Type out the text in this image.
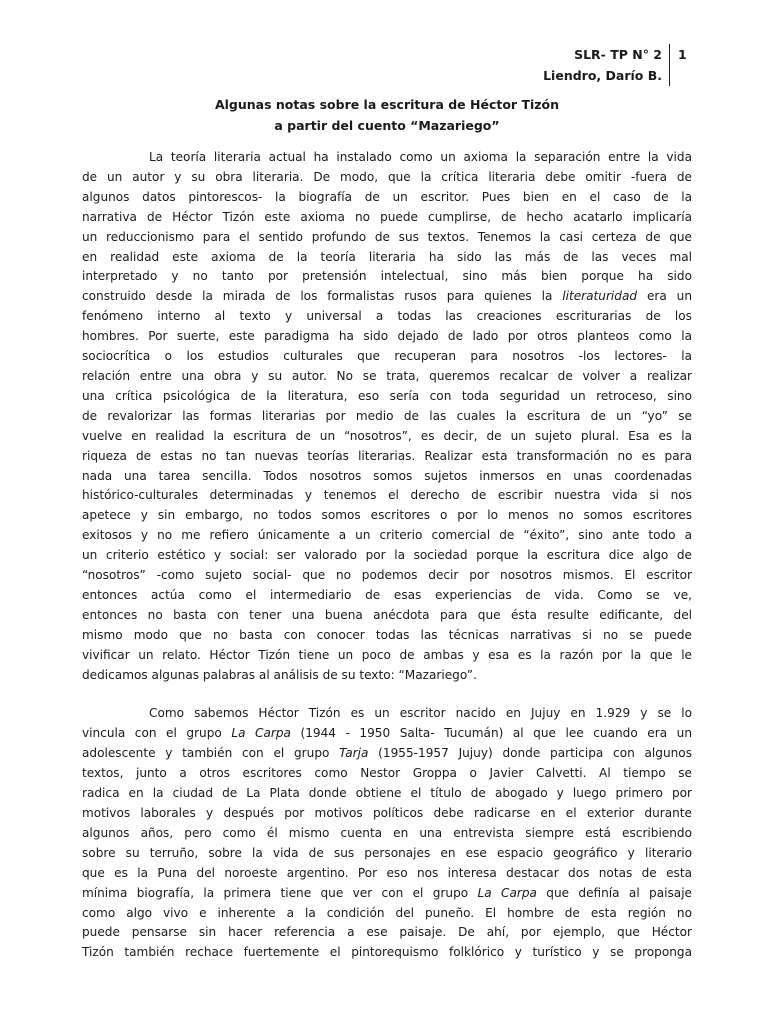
SLR- TP N° 2
Liendro, Darío B.
1
Algunas notas sobre la escritura de Héctor Tizón
a partir del cuento “Mazariego”
La teoría literaria actual ha instalado como un axioma la separación entre la vida
de un autor y su obra literaria. De modo, que la crítica literaria debe omitir -fuera de
algunos datos pintorescos- la biografía de un escritor. Pues bien en el caso de la
narrativa de Héctor Tizón este axioma no puede cumplirse, de hecho acatarlo implicaría
un reduccionismo para el sentido profundo de sus textos. Tenemos la casi certeza de que
en realidad este axioma de la teoría literaria ha sido las más de las veces mal
interpretado y no tanto por pretensión intelectual, sino más bien porque ha sido
construido desde la mirada de los formalistas rusos para quienes la literaturidad era un
fenómeno interno al texto y universal a todas las creaciones escriturarias de los
hombres. Por suerte, este paradigma ha sido dejado de lado por otros planteos como la
sociocrítica o los estudios culturales que recuperan para nosotros -los lectores- la
relación entre una obra y su autor. No se trata, queremos recalcar de volver a realizar
una crítica psicológica de la literatura, eso sería con toda seguridad un retroceso, sino
de revalorizar las formas literarias por medio de las cuales la escritura de un “yo” se
vuelve en realidad la escritura de un “nosotros”, es decir, de un sujeto plural. Esa es la
riqueza de estas no tan nuevas teorías literarias. Realizar esta transformación no es para
nada una tarea sencilla. Todos nosotros somos sujetos inmersos en unas coordenadas
histórico-culturales determinadas y tenemos el derecho de escribir nuestra vida si nos
apetece y sin embargo, no todos somos escritores o por lo menos no somos escritores
exitosos y no me refiero únicamente a un criterio comercial de “éxito”, sino ante todo a
un criterio estético y social: ser valorado por la sociedad porque la escritura dice algo de
“nosotros” -como sujeto social- que no podemos decir por nosotros mismos. El escritor
entonces actúa como el intermediario de esas experiencias de vida. Como se ve,
entonces no basta con tener una buena anécdota para que ésta resulte edificante, del
mismo modo que no basta con conocer todas las técnicas narrativas si no se puede
vivificar un relato. Héctor Tizón tiene un poco de ambas y esa es la razón por la que le
dedicamos algunas palabras al análisis de su texto: “Mazariego”.
Como sabemos Héctor Tizón es un escritor nacido en Jujuy en 1.929 y se lo
vincula con el grupo La Carpa (1944 - 1950 Salta- Tucumán) al que lee cuando era un
adolescente y también con el grupo Tarja (1955-1957 Jujuy) donde participa con algunos
textos, junto a otros escritores como Nestor Groppa o Javier Calvetti. Al tiempo se
radica en la ciudad de La Plata donde obtiene el título de abogado y luego primero por
motivos laborales y después por motivos políticos debe radicarse en el exterior durante
algunos años, pero como él mismo cuenta en una entrevista siempre está escribiendo
sobre su terruño, sobre la vida de sus personajes en ese espacio geográfico y literario
que es la Puna del noroeste argentino. Por eso nos interesa destacar dos notas de esta
mínima biografía, la primera tiene que ver con el grupo La Carpa que definía al paisaje
como algo vivo e inherente a la condición del puneño. El hombre de esta región no
puede pensarse sin hacer referencia a ese paisaje. De ahí, por ejemplo, que Héctor
Tizón también rechace fuertemente el pintorequismo folklórico y turístico y se proponga
